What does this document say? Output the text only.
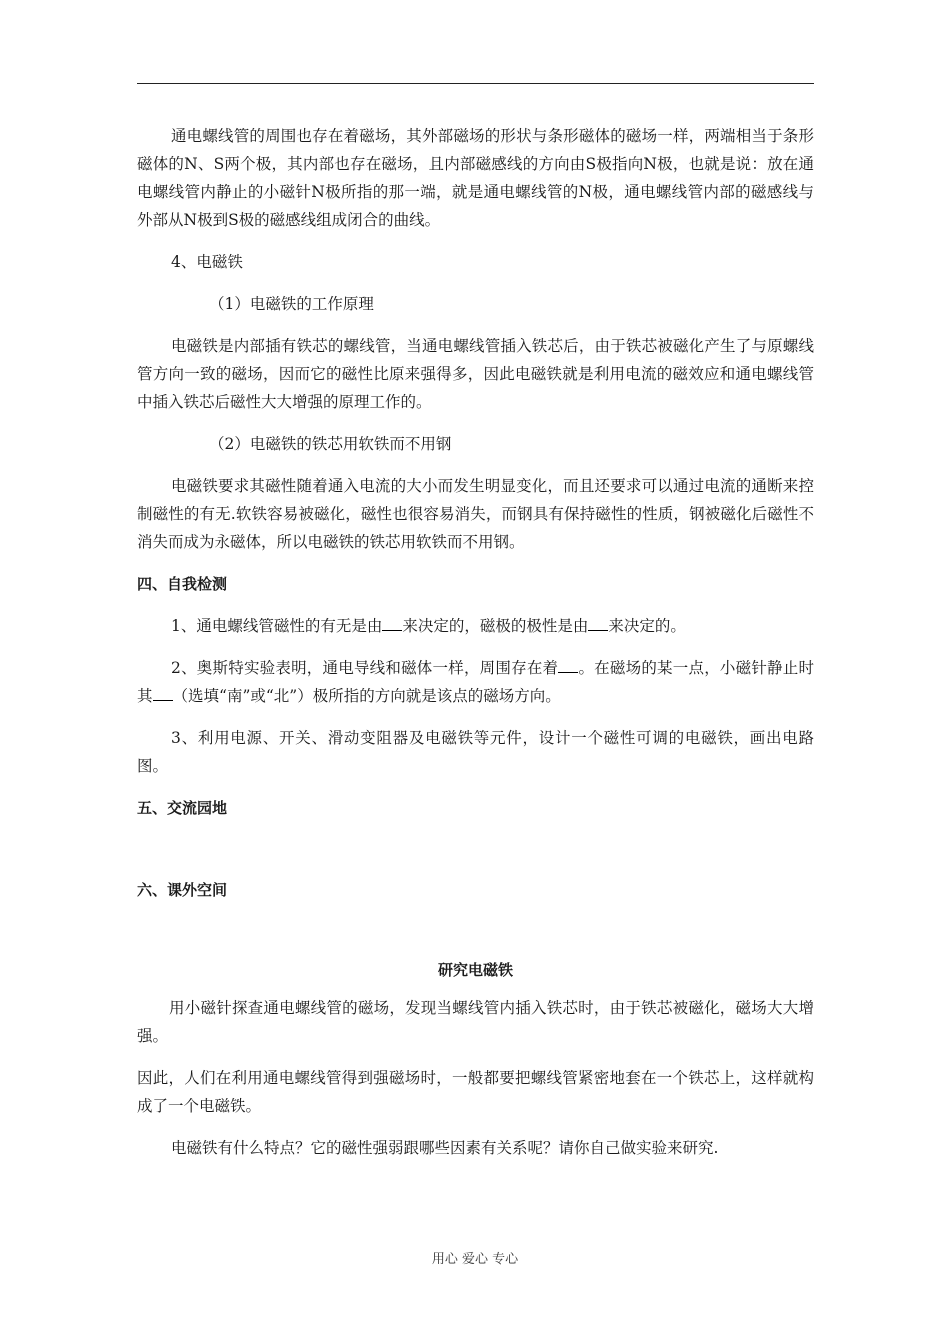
通电螺线管的周围也存在着磁场，其外部磁场的形状与条形磁体的磁场一样，两端相当于条形磁体的N、S两个极，其内部也存在磁场，且内部磁感线的方向由S极指向N极，也就是说：放在通电螺线管内静止的小磁针N极所指的那一端，就是通电螺线管的N极，通电螺线管内部的磁感线与外部从N极到S极的磁感线组成闭合的曲线。

4、电磁铁

（1）电磁铁的工作原理

电磁铁是内部插有铁芯的螺线管，当通电螺线管插入铁芯后，由于铁芯被磁化产生了与原螺线管方向一致的磁场，因而它的磁性比原来强得多，因此电磁铁就是利用电流的磁效应和通电螺线管中插入铁芯后磁性大大增强的原理工作的。

（2）电磁铁的铁芯用软铁而不用钢

电磁铁要求其磁性随着通入电流的大小而发生明显变化，而且还要求可以通过电流的通断来控制磁性的有无.软铁容易被磁化，磁性也很容易消失，而钢具有保持磁性的性质，钢被磁化后磁性不消失而成为永磁体，所以电磁铁的铁芯用软铁而不用钢。

四、自我检测

1、通电螺线管磁性的有无是由 来决定的，磁极的极性是由 来决定的。

2、奥斯特实验表明，通电导线和磁体一样，周围存在着 。在磁场的某一点，小磁针静止时其 （选填“南”或“北”）极所指的方向就是该点的磁场方向。

3、利用电源、开关、滑动变阻器及电磁铁等元件，设计一个磁性可调的电磁铁，画出电路图。

五、交流园地

六、课外空间

研究电磁铁

用小磁针探查通电螺线管的磁场，发现当螺线管内插入铁芯时，由于铁芯被磁化，磁场大大增强。

因此，人们在利用通电螺线管得到强磁场时，一般都要把螺线管紧密地套在一个铁芯上，这样就构成了一个电磁铁。

电磁铁有什么特点？它的磁性强弱跟哪些因素有关系呢？请你自己做实验来研究.

用心 爱心 专心
